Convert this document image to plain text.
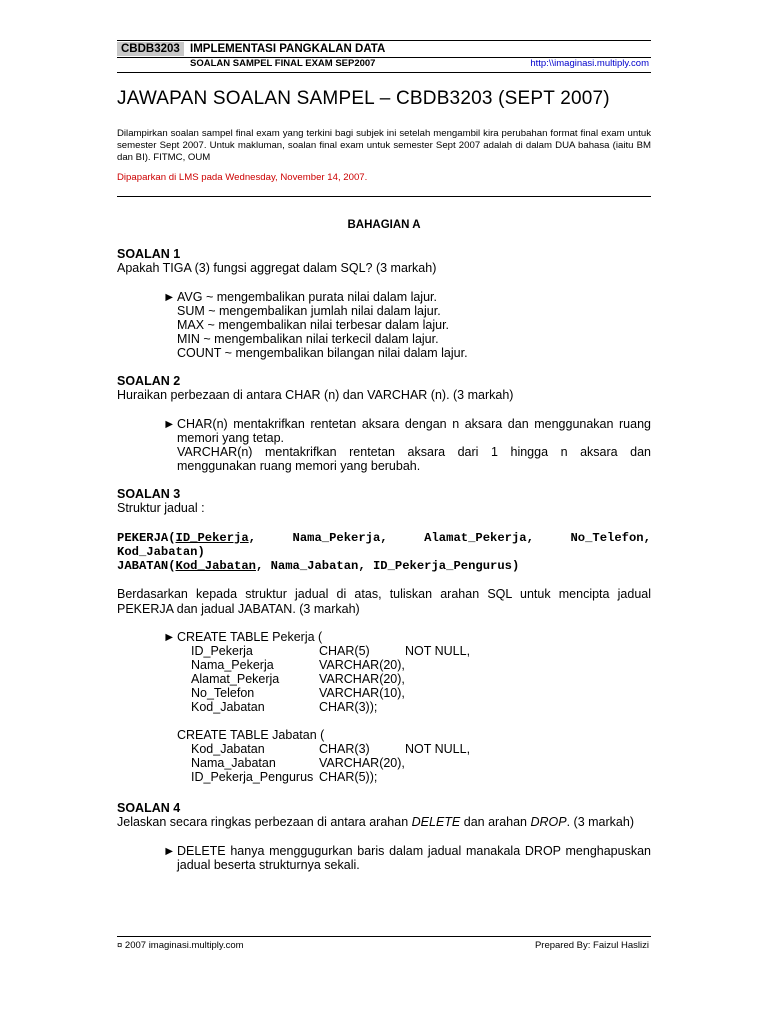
CBDB3203 IMPLEMENTASI PANGKALAN DATA
SOALAN SAMPEL FINAL EXAM SEP2007	http:\\imaginasi.multiply.com
JAWAPAN SOALAN SAMPEL – CBDB3203 (SEPT 2007)
Dilampirkan soalan sampel final exam yang terkini bagi subjek ini setelah mengambil kira perubahan format final exam untuk semester Sept 2007. Untuk makluman, soalan final exam untuk semester Sept 2007 adalah di dalam DUA bahasa (iaitu BM dan BI). FITMC, OUM
Dipaparkan di LMS pada Wednesday, November 14, 2007.
BAHAGIAN A
SOALAN 1
Apakah TIGA (3) fungsi aggregat dalam SQL? (3 markah)
► AVG ~ mengembalikan purata nilai dalam lajur.
SUM ~ mengembalikan jumlah nilai dalam lajur.
MAX ~ mengembalikan nilai terbesar dalam lajur.
MIN ~ mengembalikan nilai terkecil dalam lajur.
COUNT ~ mengembalikan bilangan nilai dalam lajur.
SOALAN 2
Huraikan perbezaan di antara CHAR (n) dan VARCHAR (n). (3 markah)
► CHAR(n) mentakrifkan rentetan aksara dengan n aksara dan menggunakan ruang memori yang tetap.
VARCHAR(n) mentakrifkan rentetan aksara dari 1 hingga n aksara dan menggunakan ruang memori yang berubah.
SOALAN 3
Struktur jadual :
PEKERJA(ID_Pekerja,     Nama_Pekerja,     Alamat_Pekerja,     No_Telefon,
Kod_Jabatan)
JABATAN(Kod_Jabatan, Nama_Jabatan, ID_Pekerja_Pengurus)
Berdasarkan kepada struktur jadual di atas, tuliskan arahan SQL untuk mencipta jadual PEKERJA dan jadual JABATAN. (3 markah)
► CREATE TABLE Pekerja (
ID_Pekerja	CHAR(5)	NOT NULL,
Nama_Pekerja	VARCHAR(20),	
Alamat_Pekerja	VARCHAR(20),	
No_Telefon	VARCHAR(10),	
Kod_Jabatan	CHAR(3));	
CREATE TABLE Jabatan (
Kod_Jabatan	CHAR(3)	NOT NULL,
Nama_Jabatan	VARCHAR(20),	
ID_Pekerja_Pengurus	CHAR(5));	
SOALAN 4
Jelaskan secara ringkas perbezaan di antara arahan DELETE dan arahan DROP. (3 markah)
► DELETE hanya menggugurkan baris dalam jadual manakala DROP menghapuskan jadual beserta strukturnya sekali.
¤ 2007 imaginasi.multiply.com	Prepared By: Faizul Haslizi
